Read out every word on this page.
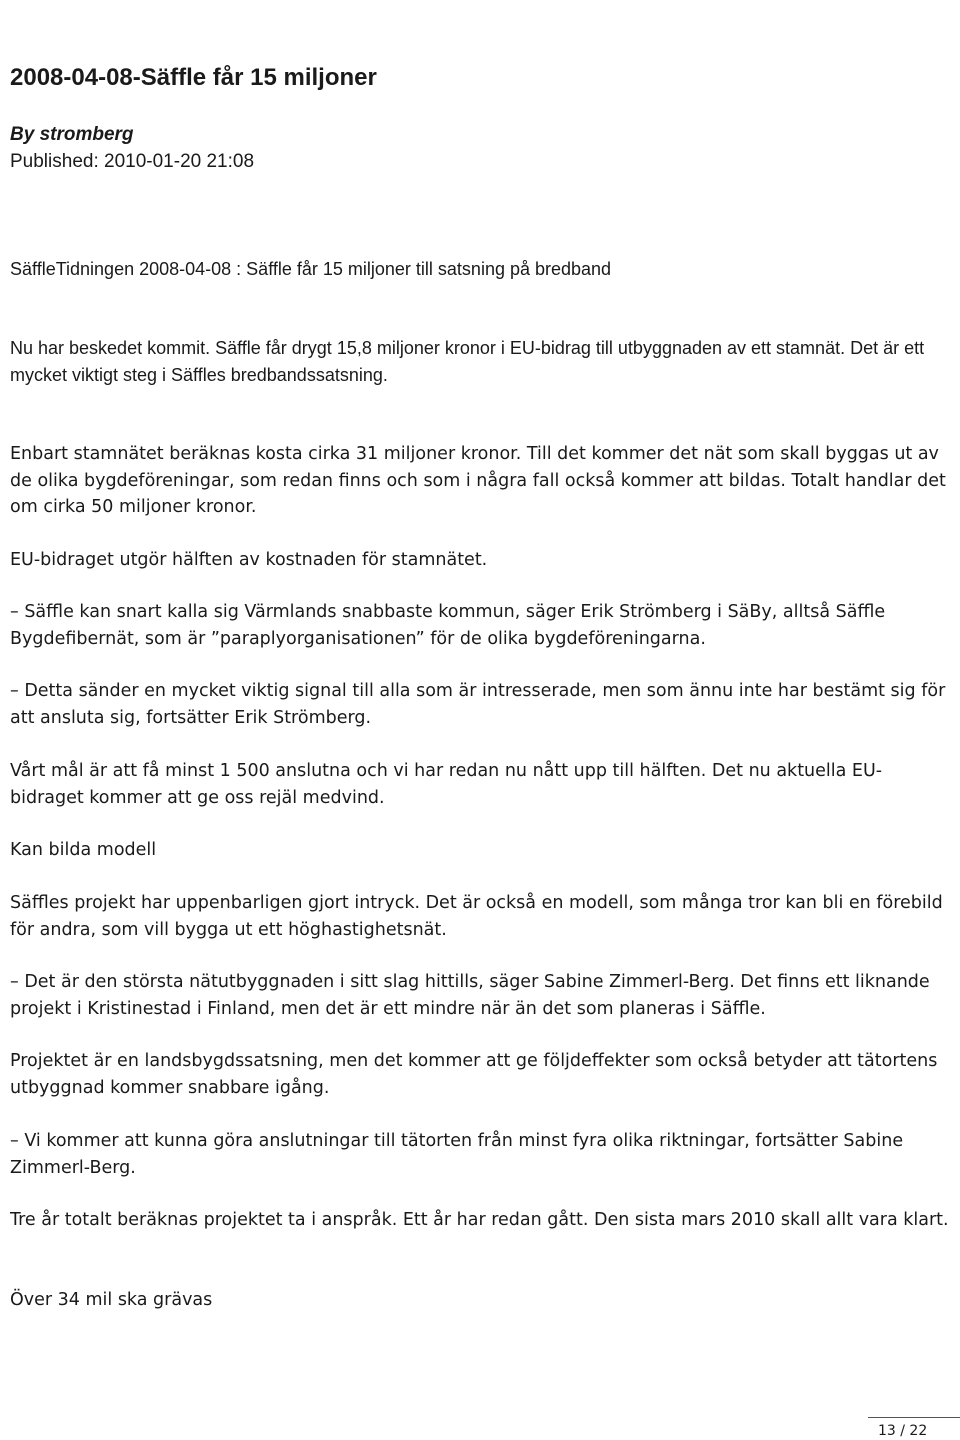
2008-04-08-Säffle får 15 miljoner
By stromberg
Published: 2010-01-20 21:08

SäffleTidningen 2008-04-08 : Säffle får 15 miljoner till satsning på bredband

Nu har beskedet kommit. Säffle får drygt 15,8 miljoner kronor i EU-bidrag till utbyggnaden av ett stamnät. Det är ett mycket viktigt steg i Säffles bredbandssatsning.

Enbart stamnätet beräknas kosta cirka 31 miljoner kronor. Till det kommer det nät som skall byggas ut av de olika bygdeföreningar, som redan finns och som i några fall också kommer att bildas. Totalt handlar det om cirka 50 miljoner kronor.

EU-bidraget utgör hälften av kostnaden för stamnätet.

– Säffle kan snart kalla sig Värmlands snabbaste kommun, säger Erik Strömberg i SäBy, alltså Säffle Bygdefibernät, som är ”paraplyorganisationen” för de olika bygdeföreningarna.

– Detta sänder en mycket viktig signal till alla som är intresserade, men som ännu inte har bestämt sig för att ansluta sig, fortsätter Erik Strömberg.

Vårt mål är att få minst 1 500 anslutna och vi har redan nu nått upp till hälften. Det nu aktuella EU-bidraget kommer att ge oss rejäl medvind.

Kan bilda modell

Säffles projekt har uppenbarligen gjort intryck. Det är också en modell, som många tror kan bli en förebild för andra, som vill bygga ut ett höghastighetsnät.

– Det är den största nätutbyggnaden i sitt slag hittills, säger Sabine Zimmerl-Berg. Det finns ett liknande projekt i Kristinestad i Finland, men det är ett mindre när än det som planeras i Säffle.

Projektet är en landsbygdssatsning, men det kommer att ge följdeffekter som också betyder att tätortens utbyggnad kommer snabbare igång.

– Vi kommer att kunna göra anslutningar till tätorten från minst fyra olika riktningar, fortsätter Sabine Zimmerl-Berg.

Tre år totalt beräknas projektet ta i anspråk. Ett år har redan gått. Den sista mars 2010 skall allt vara klart.

Över 34 mil ska grävas

13 / 22
